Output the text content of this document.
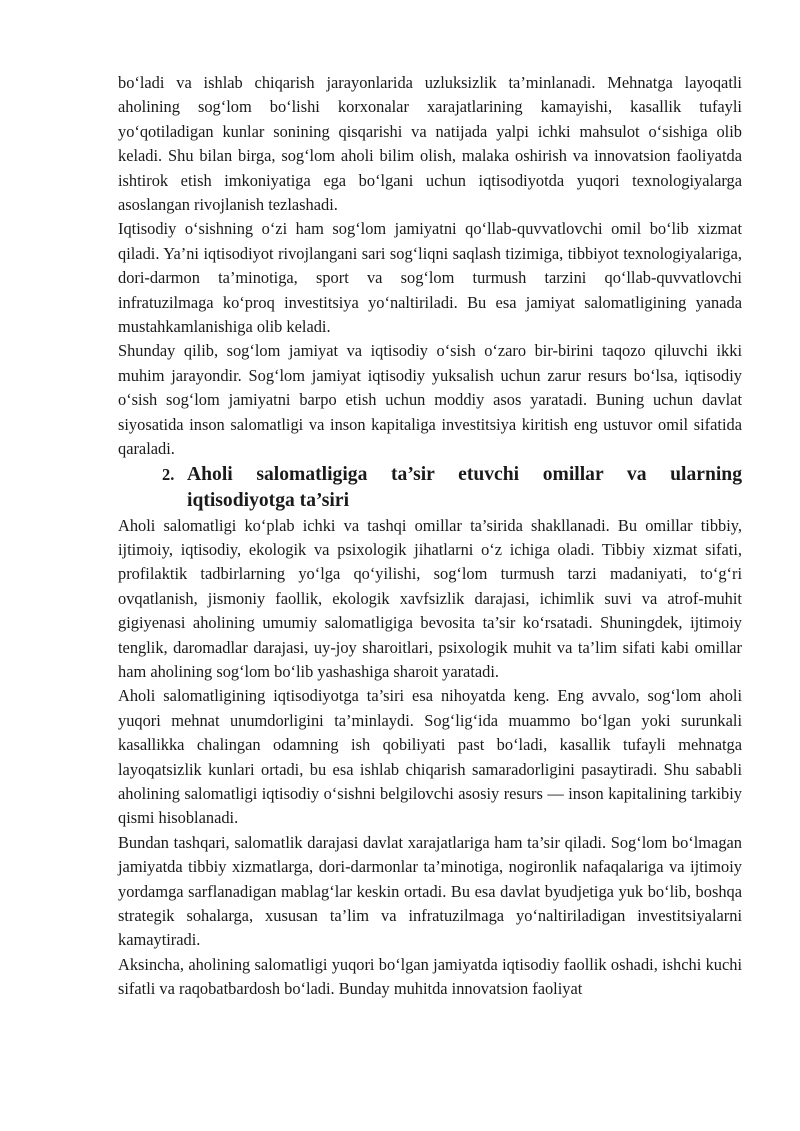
bo‘ladi va ishlab chiqarish jarayonlarida uzluksizlik ta’minlanadi. Mehnatga layoqatli aholining sog‘lom bo‘lishi korxonalar xarajatlarining kamayishi, kasallik tufayli yo‘qotiladigan kunlar sonining qisqarishi va natijada yalpi ichki mahsulot o‘sishiga olib keladi. Shu bilan birga, sog‘lom aholi bilim olish, malaka oshirish va innovatsion faoliyatda ishtirok etish imkoniyatiga ega bo‘lgani uchun iqtisodiyotda yuqori texnologiyalarga asoslangan rivojlanish tezlashadi.

Iqtisodiy o‘sishning o‘zi ham sog‘lom jamiyatni qo‘llab-quvvatlovchi omil bo‘lib xizmat qiladi. Ya’ni iqtisodiyot rivojlangani sari sog‘liqni saqlash tizimiga, tibbiyot texnologiyalariga, dori-darmon ta’minotiga, sport va sog‘lom turmush tarzini qo‘llab-quvvatlovchi infratuzilmaga ko‘proq investitsiya yo‘naltiriladi. Bu esa jamiyat salomatligining yanada mustahkamlanishiga olib keladi.

Shunday qilib, sog‘lom jamiyat va iqtisodiy o‘sish o‘zaro bir-birini taqozo qiluvchi ikki muhim jarayondir. Sog‘lom jamiyat iqtisodiy yuksalish uchun zarur resurs bo‘lsa, iqtisodiy o‘sish sog‘lom jamiyatni barpo etish uchun moddiy asos yaratadi. Buning uchun davlat siyosatida inson salomatligi va inson kapitaliga investitsiya kiritish eng ustuvor omil sifatida qaraladi.

2. Aholi salomatligiga ta’sir etuvchi omillar va ularning iqtisodiyotga ta’siri

Aholi salomatligi ko‘plab ichki va tashqi omillar ta’sirida shakllanadi. Bu omillar tibbiy, ijtimoiy, iqtisodiy, ekologik va psixologik jihatlarni o‘z ichiga oladi. Tibbiy xizmat sifati, profilaktik tadbirlarning yo‘lga qo‘yilishi, sog‘lom turmush tarzi madaniyati, to‘g‘ri ovqatlanish, jismoniy faollik, ekologik xavfsizlik darajasi, ichimlik suvi va atrof-muhit gigiyenasi aholining umumiy salomatligiga bevosita ta’sir ko‘rsatadi. Shuningdek, ijtimoiy tenglik, daromadlar darajasi, uy-joy sharoitlari, psixologik muhit va ta’lim sifati kabi omillar ham aholining sog‘lom bo‘lib yashashiga sharoit yaratadi.

Aholi salomatligining iqtisodiyotga ta’siri esa nihoyatda keng. Eng avvalo, sog‘lom aholi yuqori mehnat unumdorligini ta’minlaydi. Sog‘lig‘ida muammo bo‘lgan yoki surunkali kasallikka chalingan odamning ish qobiliyati past bo‘ladi, kasallik tufayli mehnatga layoqatsizlik kunlari ortadi, bu esa ishlab chiqarish samaradorligini pasaytiradi. Shu sababli aholining salomatligi iqtisodiy o‘sishni belgilovchi asosiy resurs — inson kapitalining tarkibiy qismi hisoblanadi.

Bundan tashqari, salomatlik darajasi davlat xarajatlariga ham ta’sir qiladi. Sog‘lom bo‘lmagan jamiyatda tibbiy xizmatlarga, dori-darmonlar ta’minotiga, nogironlik nafaqalariga va ijtimoiy yordamga sarflanadigan mablag‘lar keskin ortadi. Bu esa davlat byudjetiga yuk bo‘lib, boshqa strategik sohalarga, xususan ta’lim va infratuzilmaga yo‘naltiriladigan investitsiyalarni kamaytiradi.

Aksincha, aholining salomatligi yuqori bo‘lgan jamiyatda iqtisodiy faollik oshadi, ishchi kuchi sifatli va raqobatbardosh bo‘ladi. Bunday muhitda innovatsion faoliyat
